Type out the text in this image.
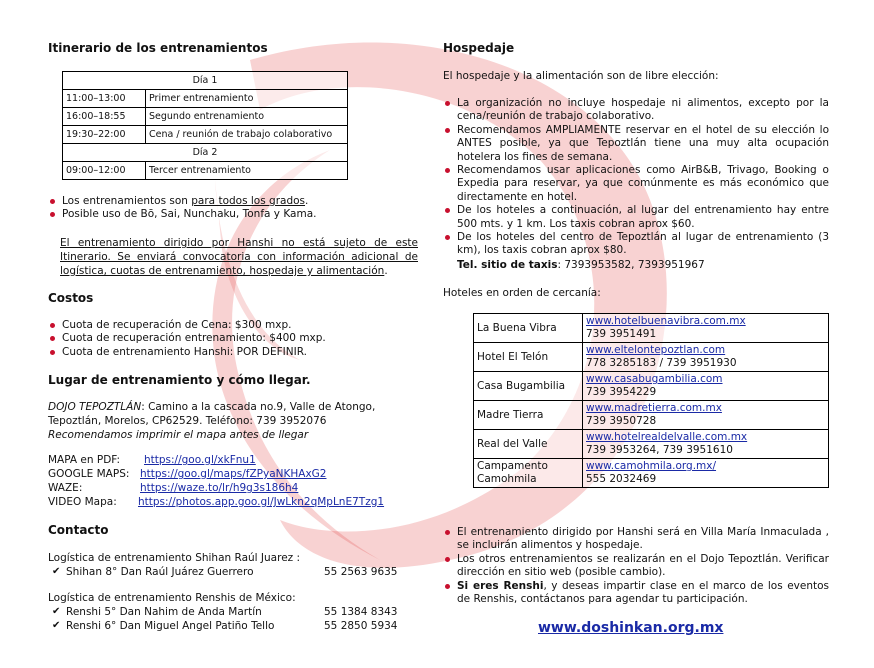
Itinerario de los entrenamientos
Día 1	
11:00–13:00	Primer entrenamiento
16:00–18:55	Segundo entrenamiento
19:30–22:00	Cena / reunión de trabajo colaborativo
Día 2	
09:00–12:00	Tercer entrenamiento
Los entrenamientos son para todos los grados.
Posible uso de Bō, Sai, Nunchaku, Tonfa y Kama.
El entrenamiento dirigido por Hanshi no está sujeto de este Itinerario. Se enviará convocatoria con información adicional de logística, cuotas de entrenamiento, hospedaje y alimentación.
Costos
Cuota de recuperación de Cena: $300 mxp.
Cuota de recuperación entrenamiento: $400 mxp.
Cuota de entrenamiento Hanshi: POR DEFINIR.
Lugar de entrenamiento y cómo llegar.
DOJO TEPOZTLÁN: Camino a la cascada no.9, Valle de Atongo,
Tepoztlán, Morelos, CP62529. Teléfono: 739 3952076
Recomendamos imprimir el mapa antes de llegar
MAPA en PDF: https://goo.gl/xkFnu1
GOOGLE MAPS: https://goo.gl/maps/fZPyaNKHAxG2
WAZE:	https://waze.to/lr/h9g3s186h4
VIDEO Mapa: https://photos.app.goo.gl/JwLkn2qMpLnE7Tzg1
Contacto
Logística de entrenamiento Shihan Raúl Juarez :
✔ Shihan 8° Dan Raúl Juárez Guerrero	55 2563 9635
Logística de entrenamiento Renshis de México:
✔ Renshi 5° Dan Nahim de Anda Martín	55 1384 8343
✔ Renshi 6° Dan Miguel Angel Patiño Tello	55 2850 5934
Hospedaje
El hospedaje y la alimentación son de libre elección:
La organización no incluye hospedaje ni alimentos, excepto por la cena/reunión de trabajo colaborativo.
Recomendamos AMPLIAMENTE reservar en el hotel de su elección lo ANTES posible, ya que Tepoztlán tiene una muy alta ocupación hotelera los fines de semana.
Recomendamos usar aplicaciones como AirB&B, Trivago, Booking o Expedia para reservar, ya que comúnmente es más económico que directamente en hotel.
De los hoteles a continuación, al lugar del entrenamiento hay entre 500 mts. y 1 km. Los taxis cobran aprox $60.
De los hoteles del centro de Tepoztlán al lugar de entrenamiento (3 km), los taxis cobran aprox $80.
Tel. sitio de taxis: 7393953582, 7393951967
Hoteles en orden de cercanía:
La Buena Vibra	www.hotelbuenavibra.com.mx
739 3951491
Hotel El Telón	www.eltelontepoztlan.com
778 3285183 / 739 3951930
Casa Bugambilia	www.casabugambilia.com
739 3954229
Madre Tierra	www.madretierra.com.mx
739 3950728
Real del Valle	www.hotelrealdelvalle.com.mx
739 3953264, 739 3951610
Campamento Camohmila	www.camohmila.org.mx/
555 2032469
El entrenamiento dirigido por Hanshi será en Villa María Inmaculada , se incluirán alimentos y hospedaje.
Los otros entrenamientos se realizarán en el Dojo Tepoztlán. Verificar dirección en sitio web (posible cambio).
Si eres Renshi, y deseas impartir clase en el marco de los eventos de Renshis, contáctanos para agendar tu participación.
www.doshinkan.org.mx
